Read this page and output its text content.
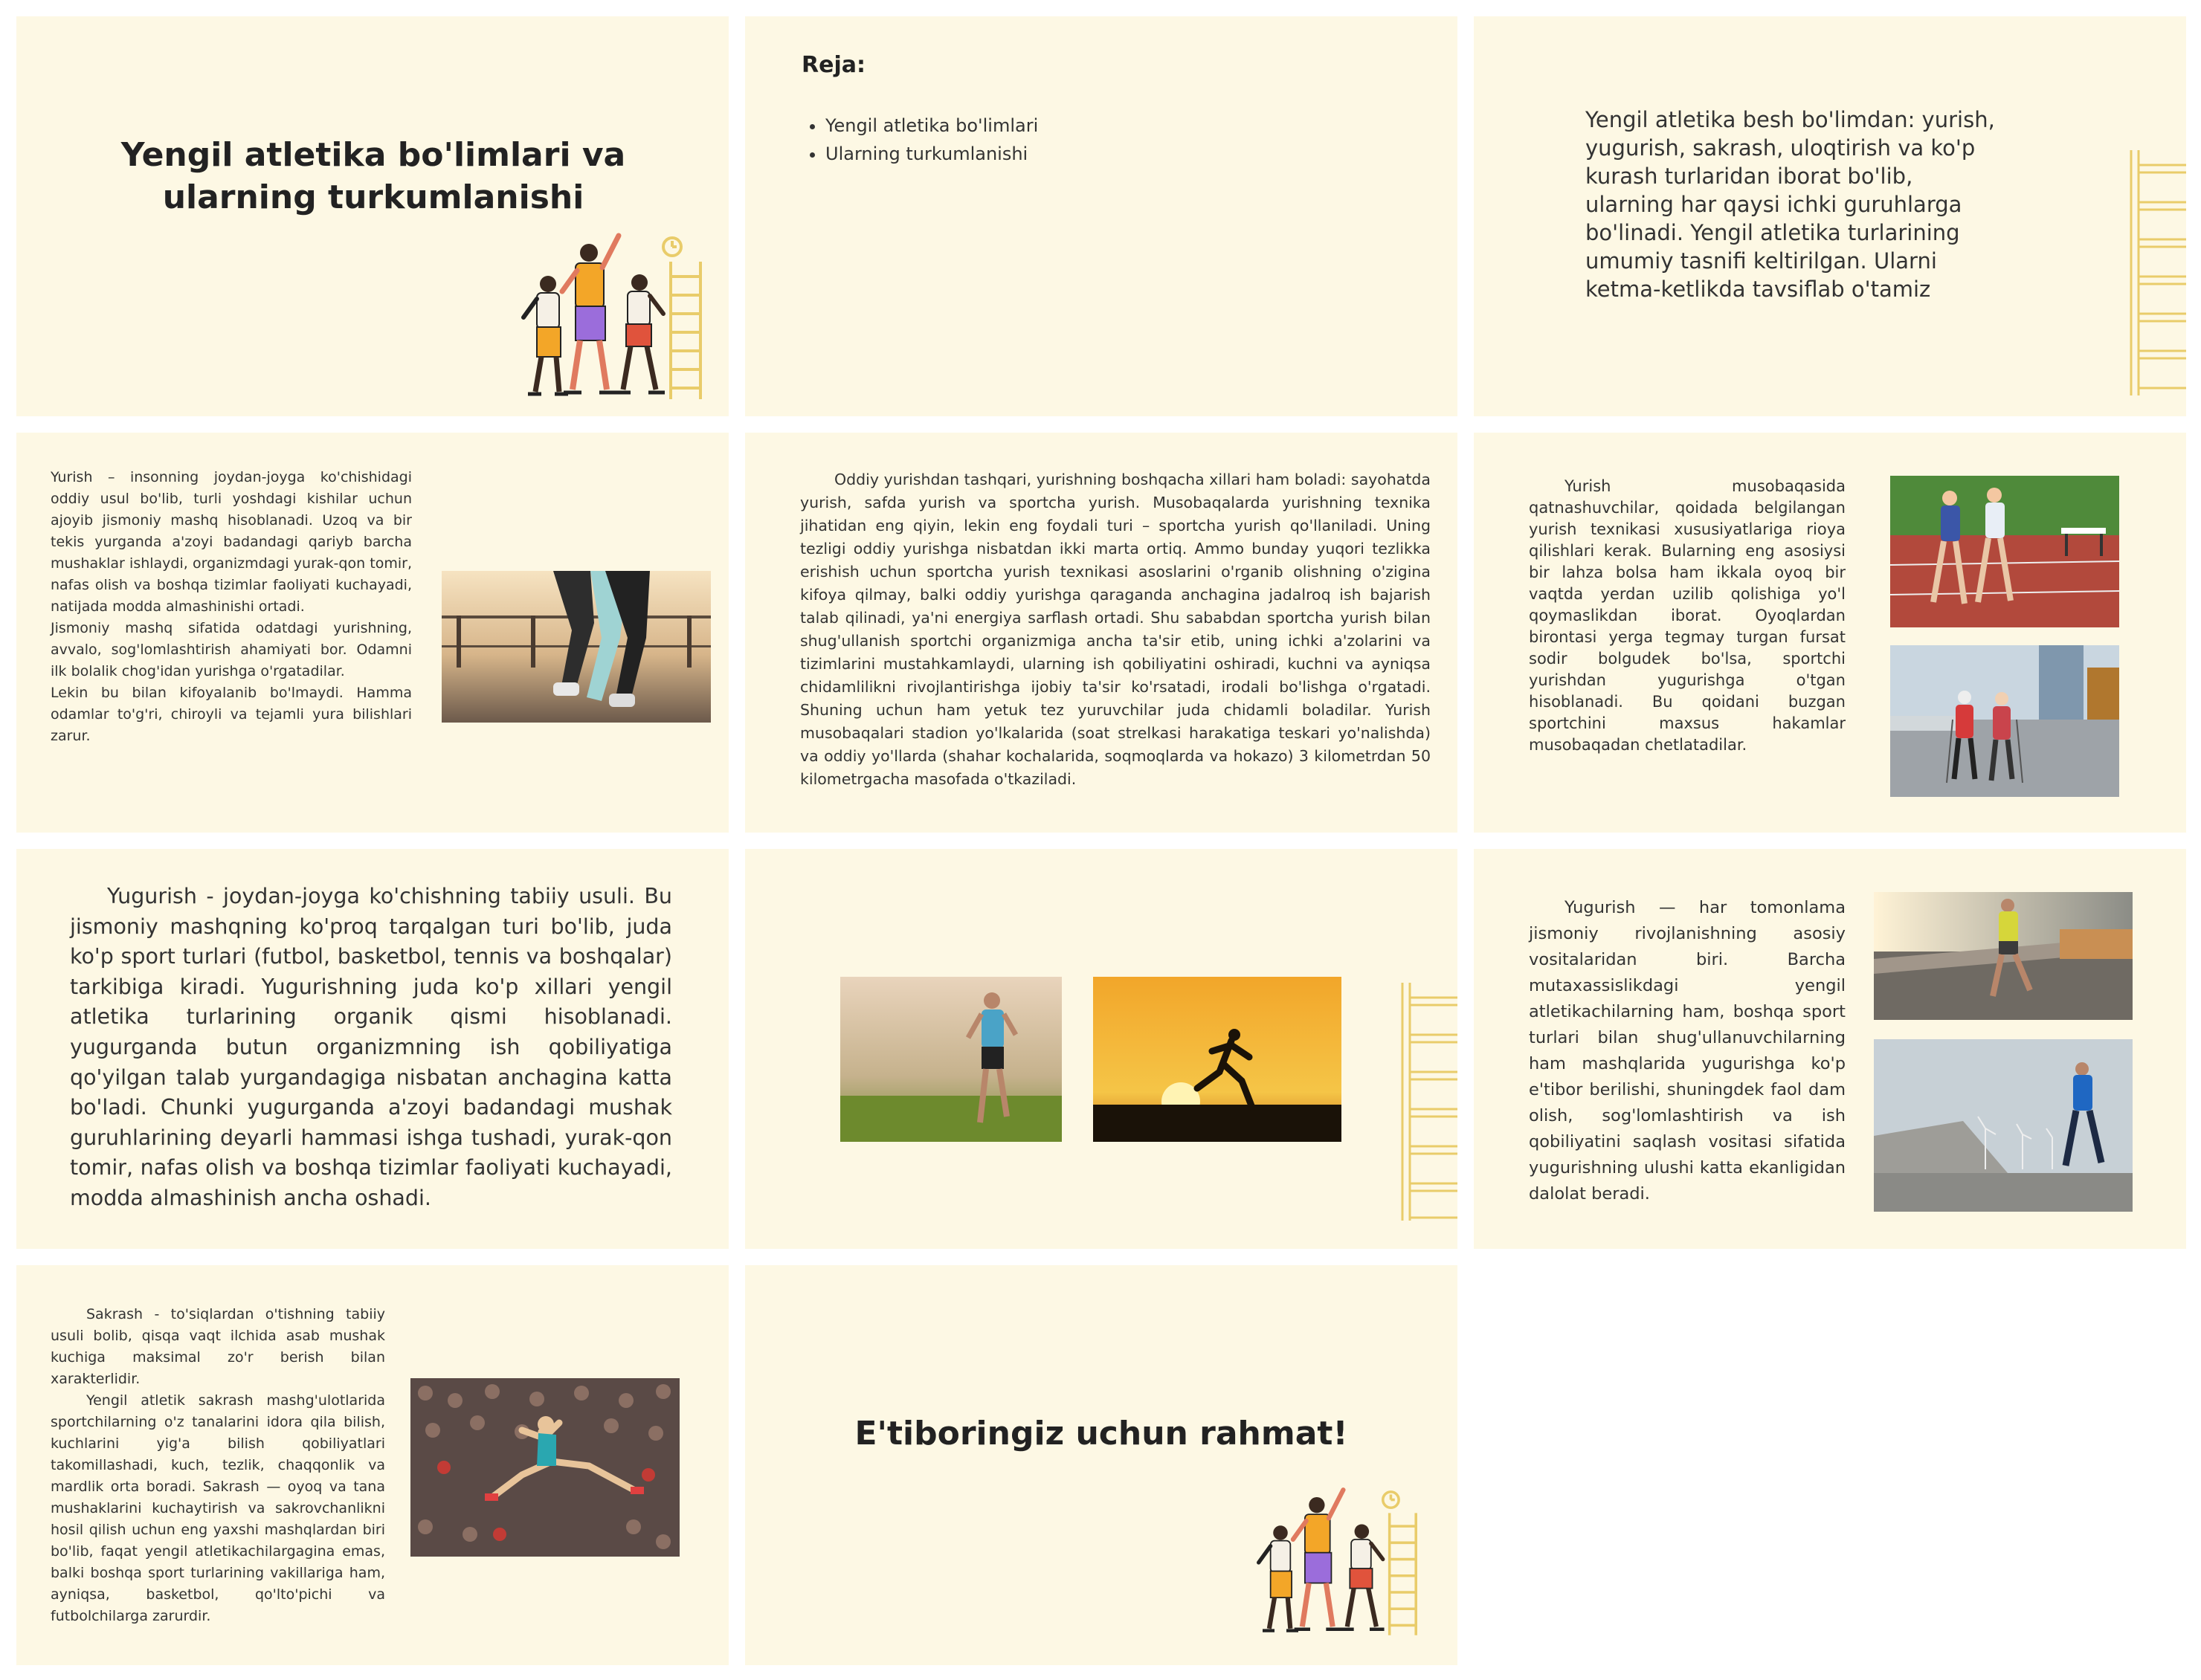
Yengil atletika bo'limlari va ularning turkumlanishi
Reja:
• Yengil atletika bo'limlari
• Ularning turkumlanishi
Yengil atletika besh bo'limdan: yurish, yugurish, sakrash, uloqtirish va ko'p kurash turlaridan iborat bo'lib, ularning har qaysi ichki guruhlarga bo'linadi. Yengil atletika turlarining umumiy tasnifi keltirilgan. Ularni ketma-ketlikda tavsiflab o'tamiz
Yurish – insonning joydan-joyga ko'chishidagi oddiy usul bo'lib, turli yoshdagi kishilar uchun ajoyib jismoniy mashq hisoblanadi. Uzoq va bir tekis yurganda a'zoyi badandagi qariyb barcha mushaklar ishlaydi, organizmdagi yurak-qon tomir, nafas olish va boshqa tizimlar faoliyati kuchayadi, natijada modda almashinishi ortadi.
Jismoniy mashq sifatida odatdagi yurishning, avvalo, sog'lomlashtirish ahamiyati bor. Odamni ilk bolalik chog'idan yurishga o'rgatadilar.
Lekin bu bilan kifoyalanib bo'lmaydi. Hamma odamlar to'g'ri, chiroyli va tejamli yura bilishlari zarur.
Oddiy yurishdan tashqari, yurishning boshqacha xillari ham boladi: sayohatda yurish, safda yurish va sportcha yurish. Musobaqalarda yurishning texnika jihatidan eng qiyin, lekin eng foydali turi – sportcha yurish qo'llaniladi. Uning tezligi oddiy yurishga nisbatdan ikki marta ortiq. Ammo bunday yuqori tezlikka erishish uchun sportcha yurish texnikasi asoslarini o'rganib olishning o'zigina kifoya qilmay, balki oddiy yurishga qaraganda anchagina jadalroq ish bajarish talab qilinadi, ya'ni energiya sarflash ortadi. Shu sababdan sportcha yurish bilan shug'ullanish sportchi organizmiga ancha ta'sir etib, uning ichki a'zolarini va tizimlarini mustahkamlaydi, ularning ish qobiliyatini oshiradi, kuchni va ayniqsa chidamlilikni rivojlantirishga ijobiy ta'sir ko'rsatadi, irodali bo'lishga o'rgatadi. Shuning uchun ham yetuk tez yuruvchilar juda chidamli boladilar. Yurish musobaqalari stadion yo'lkalarida (soat strelkasi harakatiga teskari yo'nalishda) va oddiy yo'llarda (shahar kochalarida, soqmoqlarda va hokazo) 3 kilometrdan 50 kilometrgacha masofada o'tkaziladi.
Yurish musobaqasida qatnashuvchilar, qoidada belgilangan yurish texnikasi xususiyatlariga rioya qilishlari kerak. Bularning eng asosiysi bir lahza bolsa ham ikkala oyoq bir vaqtda yerdan uzilib qolishiga yo'l qoymaslikdan iborat. Oyoqlardan birontasi yerga tegmay turgan fursat sodir bolgudek bo'lsa, sportchi yurishdan yugurishga o'tgan hisoblanadi. Bu qoidani buzgan sportchini maxsus hakamlar musobaqadan chetlatadilar.
Yugurish - joydan-joyga ko'chishning tabiiy usuli. Bu jismoniy mashqning ko'proq tarqalgan turi bo'lib, juda ko'p sport turlari (futbol, basketbol, tennis va boshqalar) tarkibiga kiradi. Yugurishning juda ko'p xillari yengil atletika turlarining organik qismi hisoblanadi. yugurganda butun organizmning ish qobiliyatiga qo'yilgan talab yurgandagiga nisbatan anchagina katta bo'ladi. Chunki yugurganda a'zoyi badandagi mushak guruhlarining deyarli hammasi ishga tushadi, yurak-qon tomir, nafas olish va boshqa tizimlar faoliyati kuchayadi, modda almashinish ancha oshadi.
Yugurish — har tomonlama jismoniy rivojlanishning asosiy vositalaridan biri. Barcha mutaxassislikdagi yengil atletikachilarning ham, boshqa sport turlari bilan shug'ullanuvchilarning ham mashqlarida yugurishga ko'p e'tibor berilishi, shuningdek faol dam olish, sog'lomlashtirish va ish qobiliyatini saqlash vositasi sifatida yugurishning ulushi katta ekanligidan dalolat beradi.
Sakrash - to'siqlardan o'tishning tabiiy usuli bolib, qisqa vaqt ilchida asab mushak kuchiga maksimal zo'r berish bilan xarakterlidir.
Yengil atletik sakrash mashg'ulotlarida sportchilarning o'z tanalarini idora qila bilish, kuchlarini yig'a bilish qobiliyatlari takomillashadi, kuch, tezlik, chaqqonlik va mardlik orta boradi. Sakrash — oyoq va tana mushaklarini kuchaytirish va sakrovchanlikni hosil qilish uchun eng yaxshi mashqlardan biri bo'lib, faqat yengil atletikachilargagina emas, balki boshqa sport turlarining vakillariga ham, ayniqsa, basketbol, qo'lto'pichi va futbolchilarga zarurdir.
E'tiboringiz uchun rahmat!
